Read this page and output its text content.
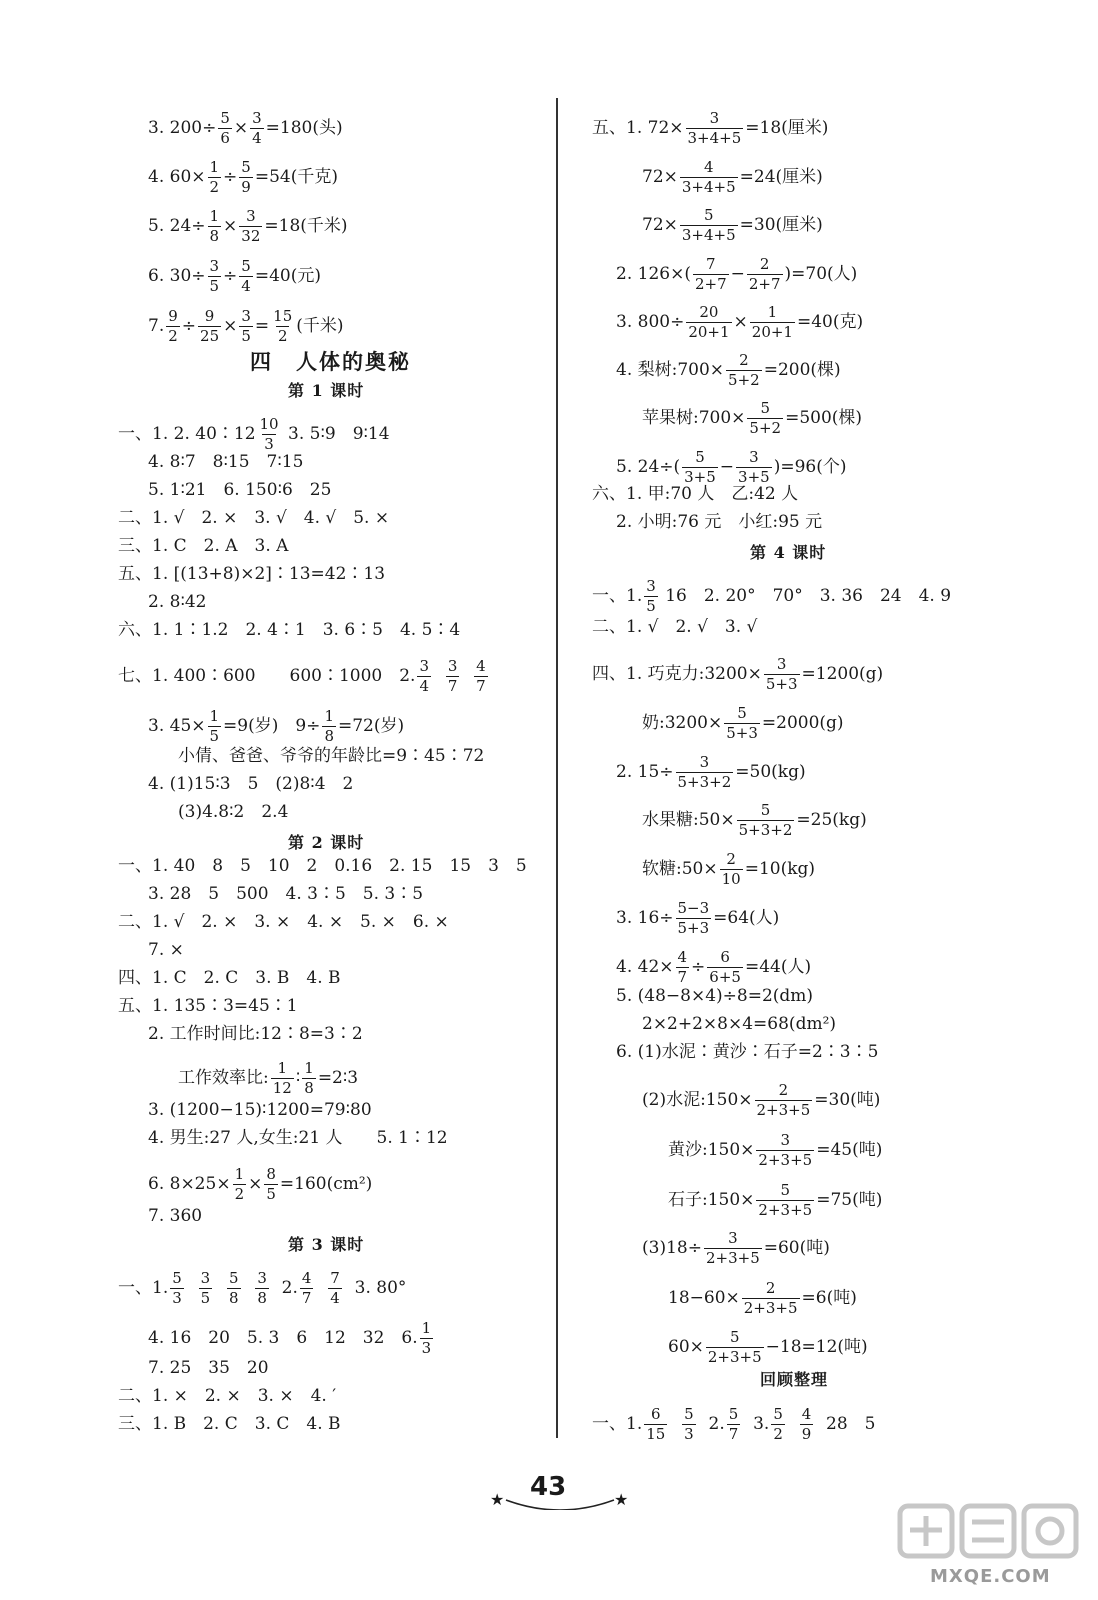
3. $200\div \frac{5}{6} \times \frac{3}{4} =180$(头)
4. $60\times \frac{1}{2} \div \frac{5}{9} =54$(千克)
5. $24\div \frac{1}{8} \times \frac{3}{32} =18$(千米)
6. $30\div \frac{3}{5} \div \frac{5}{4} =40$(元)
7. $\frac{9}{2} \div \frac{9}{25} \times \frac{3}{5} = \frac{15}{2}$ (千米)
四　人体的奥秘
第 1 课时
一、1. 2. 40∶12 $\frac{10}{3}$
3. 5∶9　9∶14
4. 8∶7　8∶15　7∶15
5. 1∶21　6. 150∶6　25
二、1. √　2. ×　3. √　4. √　5. ×
三、1. C　2. A　3. A
五、1. [(13+8)×2]∶13=42∶13
2. 8∶42
六、1. 1∶1.2　2. 4∶1　3. 6∶5　4. 5∶4
七、1. 400∶600　　600∶1000　2. $\frac{3}{4}$
$\frac{3}{7}$
$\frac{4}{7}$
3. $45\times \frac{1}{5} =9$(岁)　$9\div \frac{1}{8} =72$(岁)
小倩、爸爸、爷爷的年龄比=9∶45∶72
4. (1)15∶3　5　(2)8∶4　2
(3)4.8∶2　2.4
第 2 课时
一、1. 40　8　5　10　2　0.16　2. 15　15　3　5
3. 28　5　500　4. 3∶5　5. 3∶5
二、1. √　2. ×　3. ×　4. ×　5. ×　6. ×
7. ×
四、1. C　2. C　3. B　4. B
五、1. 135∶3=45∶1
2. 工作时间比:12∶8=3∶2
工作效率比: $\frac{1}{12}$ ∶ $\frac{1}{8}$ =2∶3
3. (1200−15)∶1200=79∶80
4. 男生:27 人,女生:21 人　　5. 1∶12
6. $8\times 25\times \frac{1}{2} \times \frac{8}{5} =160(cm^2)$
7. 360
第 3 课时
一、1. $\frac{5}{3}$
$\frac{3}{5}$
$\frac{5}{8}$
$\frac{3}{8}$
2. $\frac{4}{7}$
$\frac{7}{4}$
3. 80°
4. 16　20　5. 3　6　12　32　6. $\frac{1}{3}$
7. 25　35　20
二、1. ×　2. ×　3. ×　4. ′
三、1. B　2. C　3. C　4. B
五、1. $72\times \frac{3}{3+4+5} =18$(厘米)
$72\times \frac{4}{3+4+5} =24$(厘米)
$72\times \frac{5}{3+4+5} =30$(厘米)
2. $126\times( \frac{7}{2+7} - \frac{2}{2+7} )=70$(人)
3. $800\div \frac{20}{20+1} \times \frac{1}{20+1} =40$(克)
4. 梨树:700× $\frac{2}{5+2} =200$(棵)
苹果树:700× $\frac{5}{5+2} =500$(棵)
5. $24\div( \frac{5}{3+5} - \frac{3}{3+5} )=96$(个)
六、1. 甲:70 人　乙:42 人
2. 小明:76 元　小红:95 元
第 4 课时
一、1. $\frac{3}{5}$
16　2. 20°　70°　3. 36　24　4. 9
二、1. √　2. √　3. √
四、1. 巧克力:3200× $\frac{3}{5+3} =1200(g)$
奶:3200× $\frac{5}{5+3} =2000(g)$
2. $15\div \frac{3}{5+3+2} =50(kg)$
水果糖:50× $\frac{5}{5+3+2} =25(kg)$
软糖:50× $\frac{2}{10} =10(kg)$
3. $16\div \frac{5-3}{5+3} =64$(人)
4. $42\times \frac{4}{7} \div \frac{6}{6+5} =44$(人)
5. (48−8×4)÷8=2(dm)
2×2+2×8×4=68(dm²)
6. (1)水泥∶黄沙∶石子=2∶3∶5
(2)水泥:150× $\frac{2}{2+3+5} =30$(吨)
黄沙:150× $\frac{3}{2+3+5} =45$(吨)
石子:150× $\frac{5}{2+3+5} =75$(吨)
$(3)18\div \frac{3}{2+3+5} =60$(吨)
$18-60\times \frac{2}{2+3+5} =6$(吨)
$60\times \frac{5}{2+3+5} -18=12$(吨)
回顾整理
一、1. $\frac{6}{15}$
$\frac{5}{3}$
2. $\frac{5}{7}$
3. $\frac{5}{2}$
$\frac{4}{9}$
28　5
★ 43	★
MXQE.COM
